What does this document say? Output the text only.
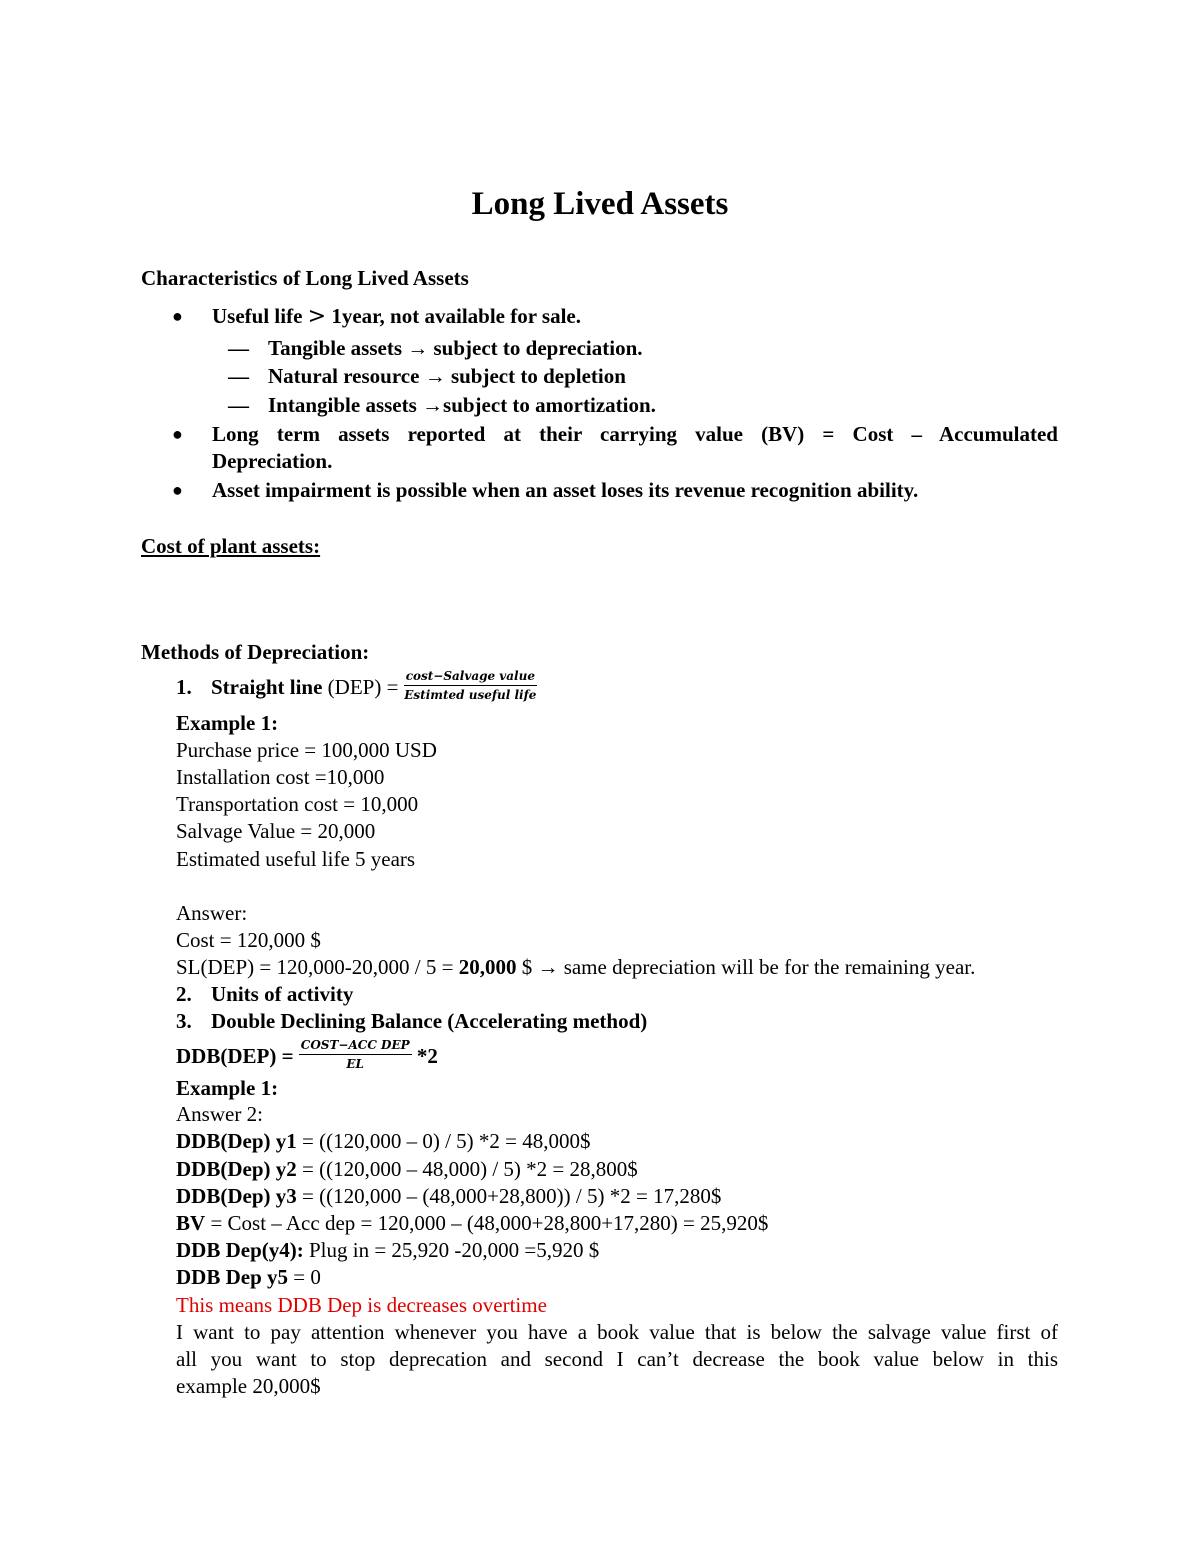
Long Lived Assets
Characteristics of Long Lived Assets
● Useful life > 1year, not available for sale.
— Tangible assets → subject to depreciation.
— Natural resource → subject to depletion
— Intangible assets →subject to amortization.
● Long term assets reported at their carrying value (BV) = Cost – Accumulated
Depreciation.
● Asset impairment is possible when an asset loses its revenue recognition ability.
Cost of plant assets:
Methods of Depreciation:
1. Straight line $(DEP) = \frac{\text{cost−Salvage value}}{\text{Estimted useful life}}$
Example 1:
Purchase price = 100,000 USD
Installation cost =10,000
Transportation cost = 10,000
Salvage Value = 20,000
Estimated useful life 5 years
Answer:
Cost = 120,000 $
SL(DEP) = 120,000-20,000 / 5 = 20,000 $ → same depreciation will be for the remaining year.
2. Units of activity
3. Double Declining Balance (Accelerating method)
$DDB(DEP) = \frac{\text{COST−ACC DEP}}{EL} *2$
Example 1:
Answer 2:
DDB(Dep) y1 = ((120,000 – 0) / 5) *2 = 48,000$
DDB(Dep) y2 = ((120,000 – 48,000) / 5) *2 = 28,800$
DDB(Dep) y3 = ((120,000 – (48,000+28,800)) / 5) *2 = 17,280$
BV = Cost – Acc dep = 120,000 – (48,000+28,800+17,280) = 25,920$
DDB Dep(y4): Plug in = 25,920 -20,000 =5,920 $
DDB Dep y5 = 0
This means DDB Dep is decreases overtime
I want to pay attention whenever you have a book value that is below the salvage value first of
all you want to stop deprecation and second I can’t decrease the book value below in this
example 20,000$
